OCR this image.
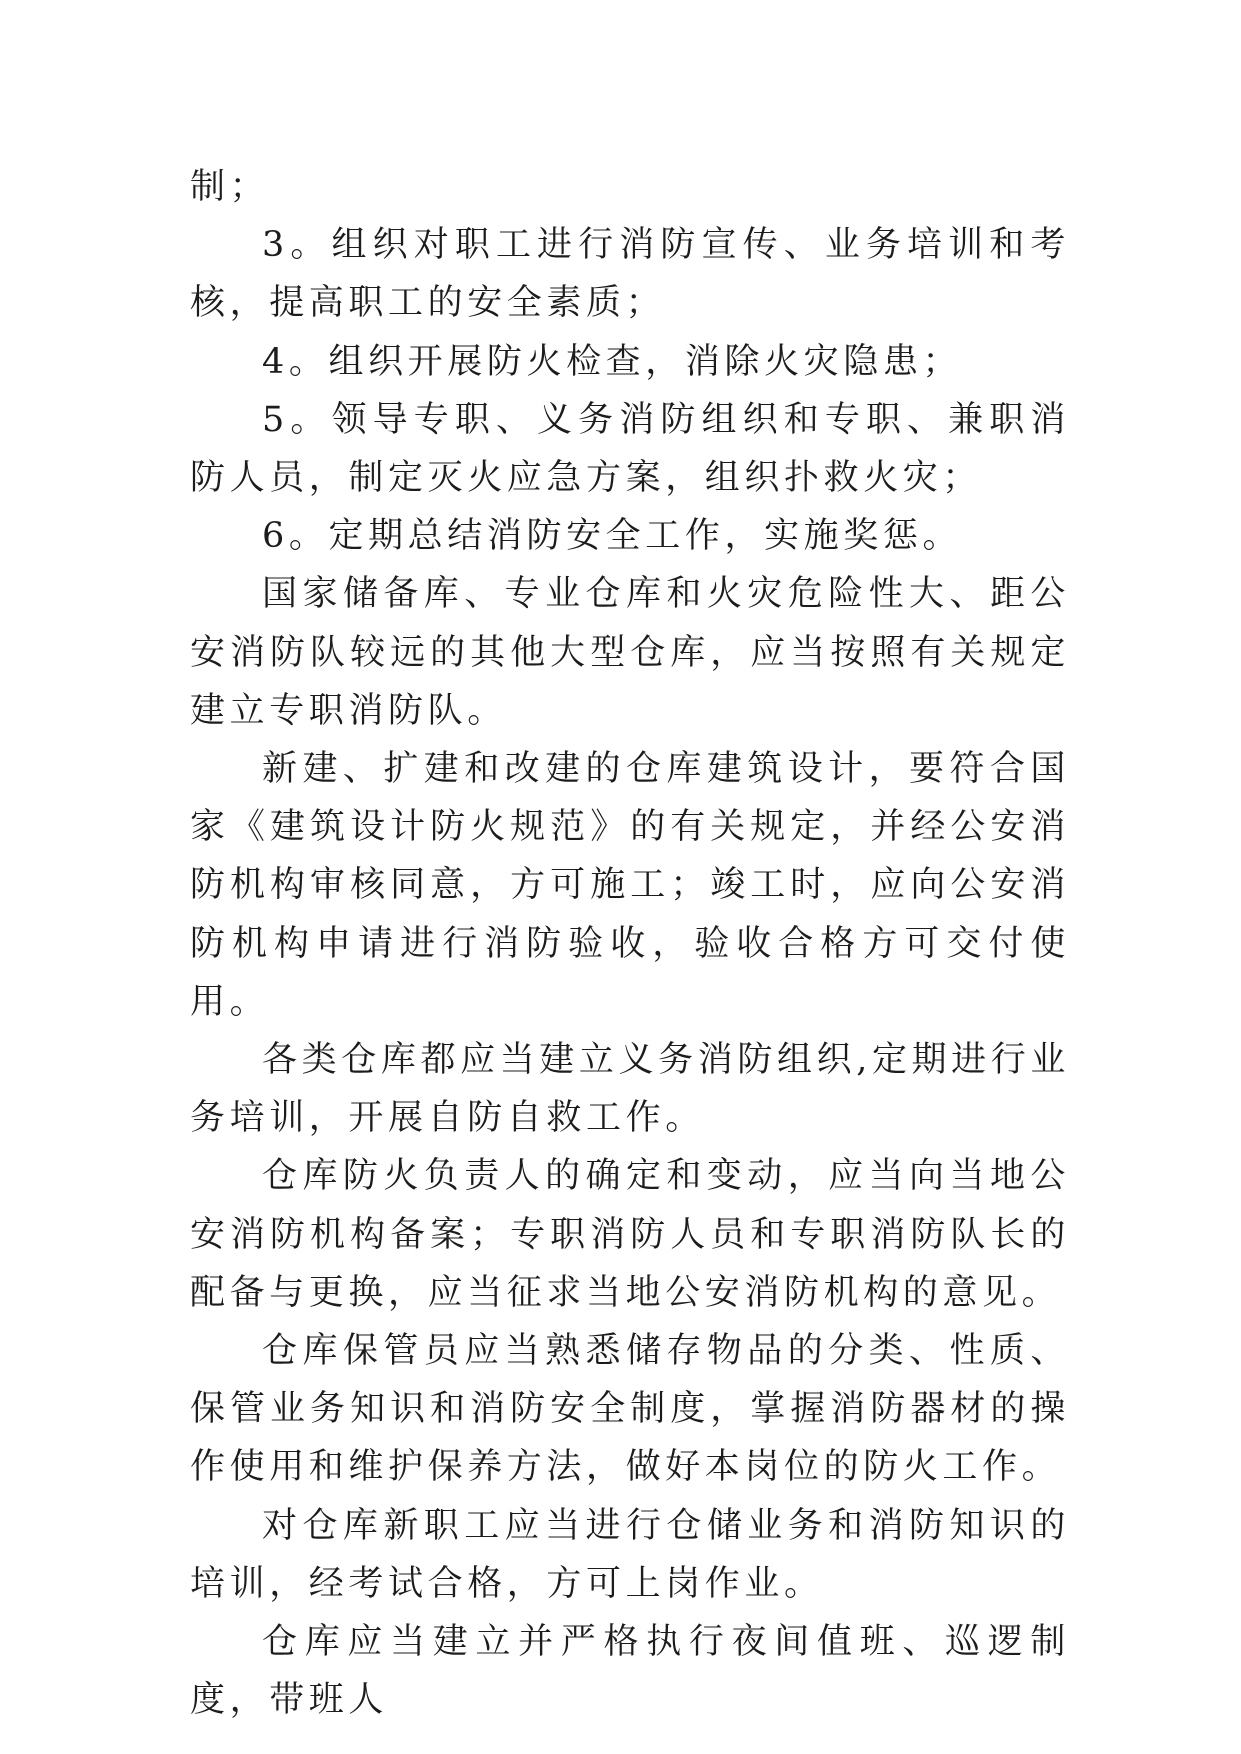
制；

3。组织对职工进行消防宣传、业务培训和考核，提高职工的安全素质；

4。组织开展防火检查，消除火灾隐患；

5。领导专职、义务消防组织和专职、兼职消防人员，制定灭火应急方案，组织扑救火灾；

6。定期总结消防安全工作，实施奖惩。

国家储备库、专业仓库和火灾危险性大、距公安消防队较远的其他大型仓库，应当按照有关规定建立专职消防队。

新建、扩建和改建的仓库建筑设计，要符合国家《建筑设计防火规范》的有关规定，并经公安消防机构审核同意，方可施工；竣工时，应向公安消防机构申请进行消防验收，验收合格方可交付使用。

各类仓库都应当建立义务消防组织,定期进行业务培训，开展自防自救工作。

仓库防火负责人的确定和变动，应当向当地公安消防机构备案；专职消防人员和专职消防队长的配备与更换，应当征求当地公安消防机构的意见。

仓库保管员应当熟悉储存物品的分类、性质、保管业务知识和消防安全制度，掌握消防器材的操作使用和维护保养方法，做好本岗位的防火工作。

对仓库新职工应当进行仓储业务和消防知识的培训，经考试合格，方可上岗作业。

仓库应当建立并严格执行夜间值班、巡逻制度，带班人
